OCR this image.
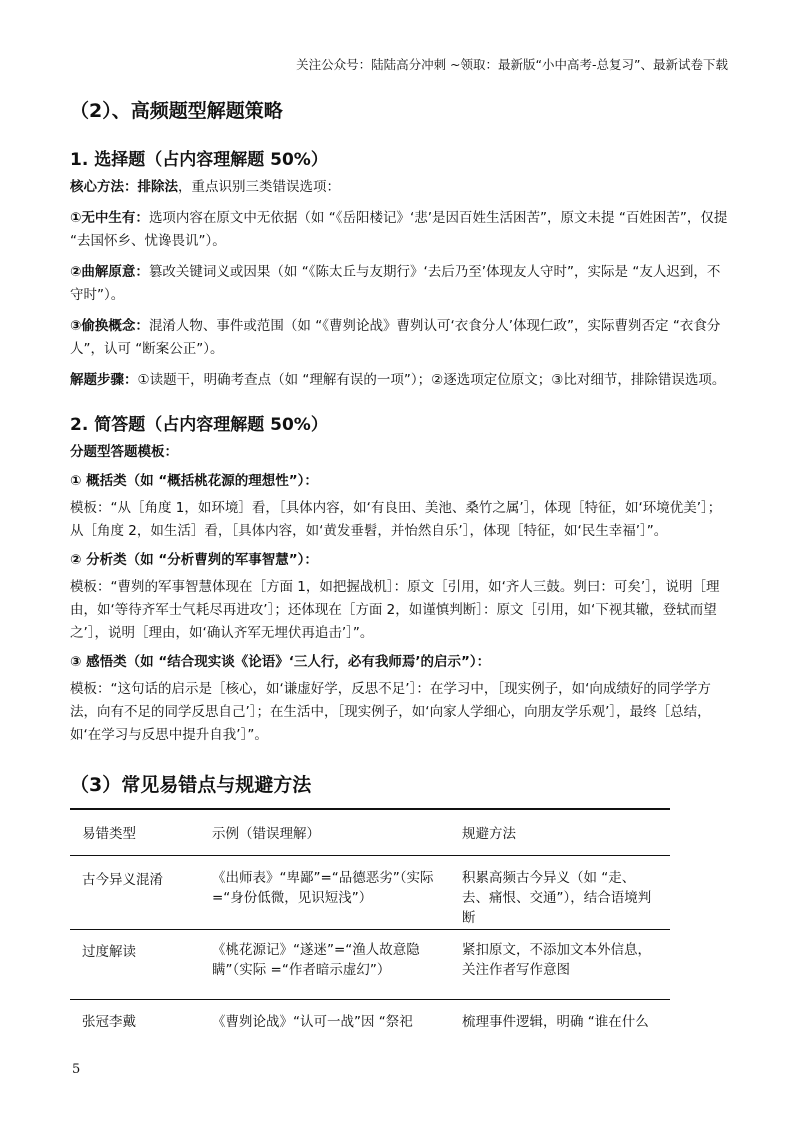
关注公众号：陆陆高分冲刺 ~领取：最新版“小中高考-总复习”、最新试卷下载
（2）、高频题型解题策略
1. 选择题（占内容理解题 50%）

核心方法：排除法，重点识别三类错误选项：

①无中生有：选项内容在原文中无依据（如 “《岳阳楼记》‘悲’是因百姓生活困苦”，原文未提 “百姓困苦”，仅提 “去国怀乡、忧谗畏讥”）。

②曲解原意：篡改关键词义或因果（如 “《陈太丘与友期行》‘去后乃至’体现友人守时”，实际是 “友人迟到，不守时”）。

③偷换概念：混淆人物、事件或范围（如 “《曹刿论战》曹刿认可‘衣食分人’体现仁政”，实际曹刿否定 “衣食分人”，认可 “断案公正”）。

解题步骤：①读题干，明确考查点（如 “理解有误的一项”）；②逐选项定位原文；③比对细节，排除错误选项。

2. 简答题（占内容理解题 50%）

分题型答题模板：

① 概括类（如 “概括桃花源的理想性”）：

模板：“从［角度 1，如环境］看，［具体内容，如‘有良田、美池、桑竹之属’］，体现［特征，如‘环境优美’］；从［角度 2，如生活］看，［具体内容，如‘黄发垂髫，并怡然自乐’］，体现［特征，如‘民生幸福’］”。

② 分析类（如 “分析曹刿的军事智慧”）：

模板：“曹刿的军事智慧体现在［方面 1，如把握战机］：原文［引用，如‘齐人三鼓。刿曰：可矣’］，说明［理由，如‘等待齐军士气耗尽再进攻’］；还体现在［方面 2，如谨慎判断］：原文［引用，如‘下视其辙，登轼而望之’］，说明［理由，如‘确认齐军无埋伏再追击’］”。

③ 感悟类（如 “结合现实谈《论语》‘三人行，必有我师焉’的启示”）：

模板：“这句话的启示是［核心，如‘谦虚好学，反思不足’］：在学习中，［现实例子，如‘向成绩好的同学学方法，向有不足的同学反思自己’］；在生活中，［现实例子，如‘向家人学细心，向朋友学乐观’］，最终［总结，如‘在学习与反思中提升自我’］”。

（3）常见易错点与规避方法
易错类型	示例（错误理解）	规避方法
古今异义混淆	《出师表》“卑鄙”=“品德恶劣”（实际 =“身份低微，见识短浅”）	积累高频古今异义（如 “走、去、痛恨、交通”），结合语境判断
过度解读	《桃花源记》“遂迷”=“渔人故意隐瞒”（实际 =“作者暗示虚幻”）	紧扣原文，不添加文本外信息，关注作者写作意图
张冠李戴	《曹刿论战》“认可一战”因 “祭祀	梳理事件逻辑，明确 “谁在什么
5
